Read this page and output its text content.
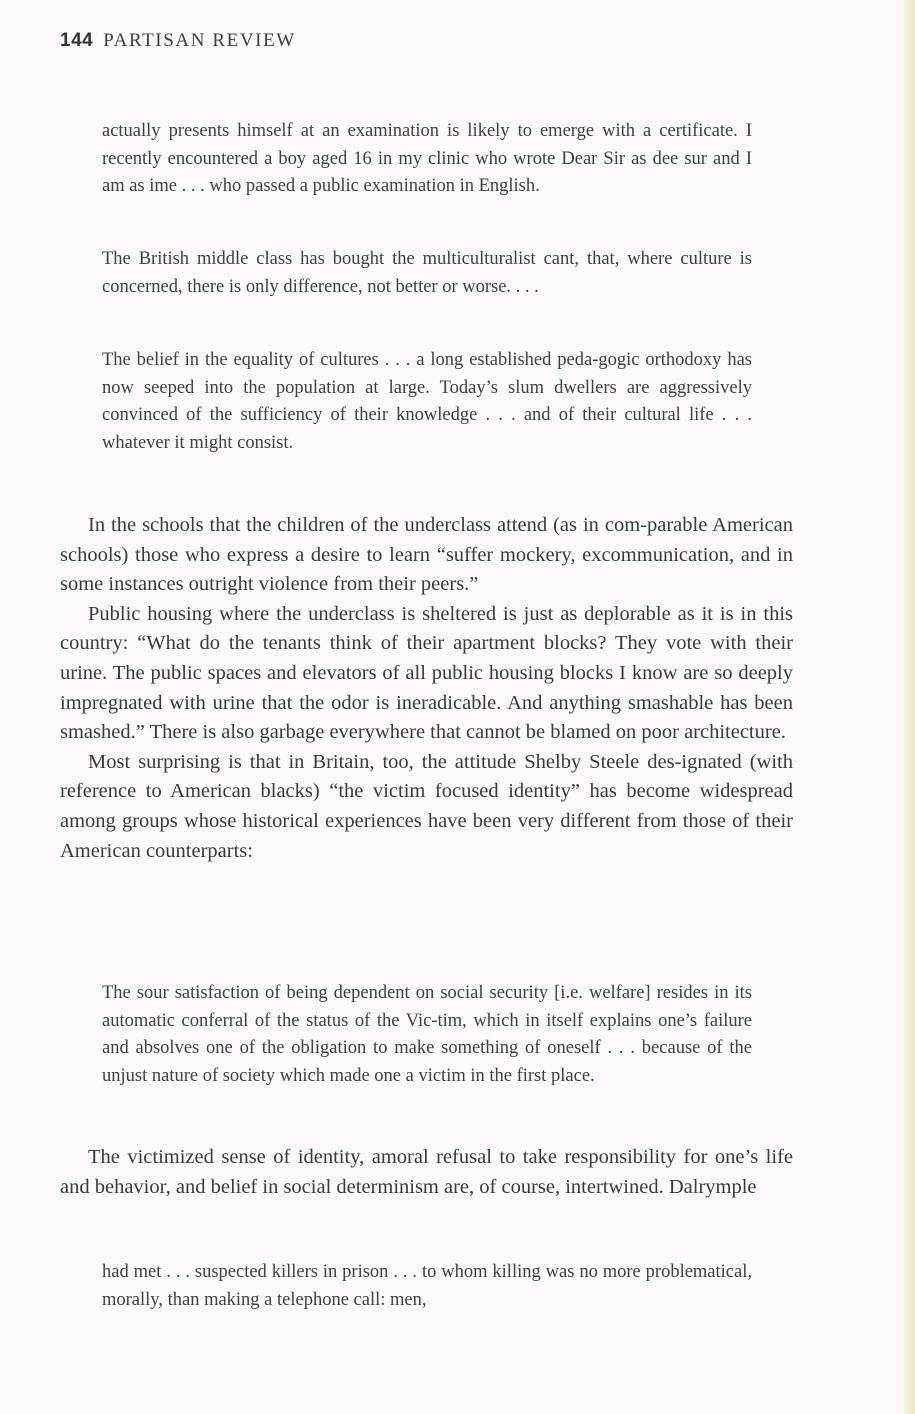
144 PARTISAN REVIEW

actually presents himself at an examination is likely to emerge with a certificate. I recently encountered a boy aged 16 in my clinic who wrote Dear Sir as dee sur and I am as ime . . . who passed a public examination in English.

The British middle class has bought the multiculturalist cant, that, where culture is concerned, there is only difference, not better or worse. . . .

The belief in the equality of cultures . . . a long established peda-gogic orthodoxy has now seeped into the population at large. Today’s slum dwellers are aggressively convinced of the sufficiency of their knowledge . . . and of their cultural life . . . whatever it might consist.

In the schools that the children of the underclass attend (as in com-parable American schools) those who express a desire to learn “suffer mockery, excommunication, and in some instances outright violence from their peers.”

Public housing where the underclass is sheltered is just as deplorable as it is in this country: “What do the tenants think of their apartment blocks? They vote with their urine. The public spaces and elevators of all public housing blocks I know are so deeply impregnated with urine that the odor is ineradicable. And anything smashable has been smashed.” There is also garbage everywhere that cannot be blamed on poor architecture.

Most surprising is that in Britain, too, the attitude Shelby Steele des-ignated (with reference to American blacks) “the victim focused identity” has become widespread among groups whose historical experiences have been very different from those of their American counterparts:

The sour satisfaction of being dependent on social security [i.e. welfare] resides in its automatic conferral of the status of the Vic-tim, which in itself explains one’s failure and absolves one of the obligation to make something of oneself . . . because of the unjust nature of society which made one a victim in the first place.

The victimized sense of identity, amoral refusal to take responsibility for one’s life and behavior, and belief in social determinism are, of course, intertwined. Dalrymple

had met . . . suspected killers in prison . . . to whom killing was no more problematical, morally, than making a telephone call: men,
